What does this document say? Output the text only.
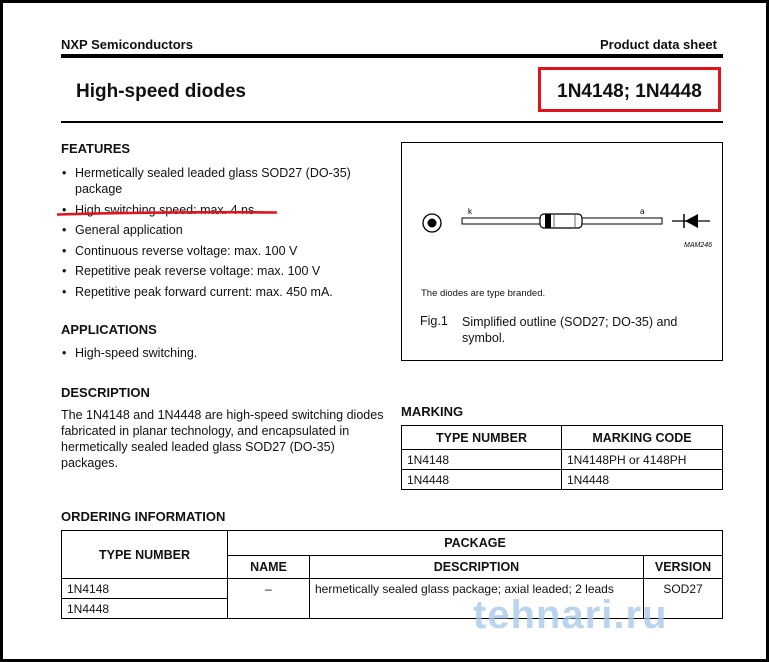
NXP Semiconductors	Product data sheet
High-speed diodes	1N4148; 1N4448
FEATURES
• Hermetically sealed leaded glass SOD27 (DO-35) package
• High switching speed: max. 4 ns
• General application
• Continuous reverse voltage: max. 100 V
• Repetitive peak reverse voltage: max. 100 V
• Repetitive peak forward current: max. 450 mA.
APPLICATIONS
• High-speed switching.
DESCRIPTION
The 1N4148 and 1N4448 are high-speed switching diodes fabricated in planar technology, and encapsulated in hermetically sealed leaded glass SOD27 (DO-35) packages.
k	a
MAM246
The diodes are type branded.
Fig.1 Simplified outline (SOD27; DO-35) and symbol.
MARKING
TYPE NUMBER	MARKING CODE
1N4148	1N4148PH or 4148PH
1N4448	1N4448
ORDERING INFORMATION
TYPE NUMBER	PACKAGE		
	NAME	DESCRIPTION	VERSION
1N4148	–	hermetically sealed glass package; axial leaded; 2 leads	SOD27
1N4448				tehnari.ru
